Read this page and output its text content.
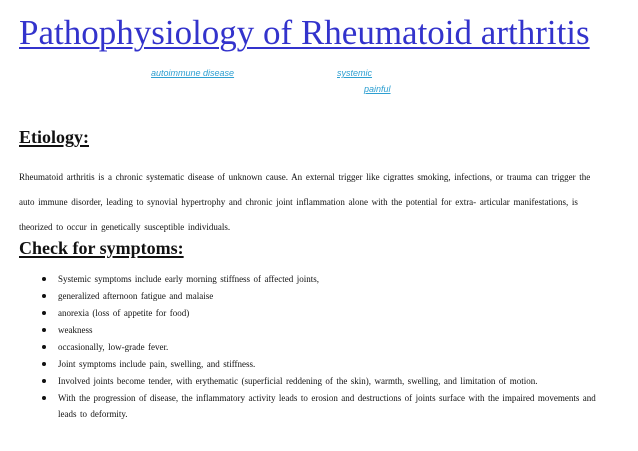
Pathophysiology of Rheumatoid arthritis
autoimmune disease	systemic
painful
Etiology:

Rheumatoid arthritis is a chronic systematic disease of unknown cause. An external trigger like cigrattes smoking, infections, or trauma can trigger the auto immune disorder, leading to synovial hypertrophy and chronic joint inflammation alone with the potential for extra- articular manifestations, is theorized to occur in genetically susceptible individuals.

Check for symptoms:
Systemic symptoms include early morning stiffness of affected joints,
generalized afternoon fatigue and malaise
anorexia (loss of appetite for food)
weakness
occasionally, low-grade fever.
Joint symptoms include pain, swelling, and stiffness.
Involved joints become tender, with erythematic (superficial reddening of the skin), warmth, swelling, and limitation of motion.
With the progression of disease, the inflammatory activity leads to erosion and destructions of joints surface with the impaired movements and leads to deformity.
